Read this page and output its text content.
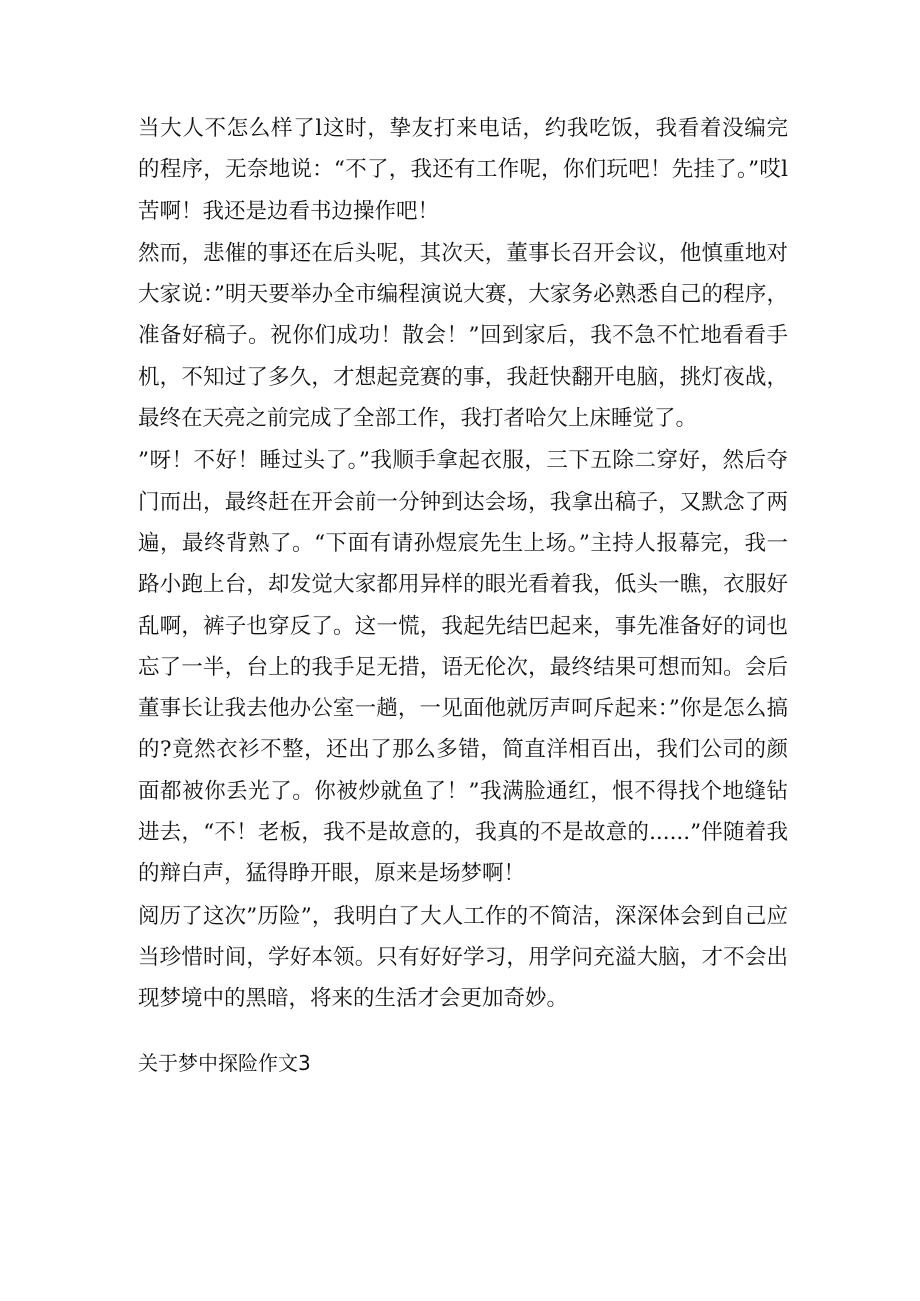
当大人不怎么样了l这时，挚友打来电话，约我吃饭，我看着没编完的程序，无奈地说：“不了，我还有工作呢，你们玩吧！先挂了。”哎l苦啊！我还是边看书边操作吧！

然而，悲催的事还在后头呢，其次天，董事长召开会议，他慎重地对大家说：”明天要举办全市编程演说大赛，大家务必熟悉自己的程序，准备好稿子。祝你们成功！散会！”回到家后，我不急不忙地看看手机，不知过了多久，才想起竞赛的事，我赶快翻开电脑，挑灯夜战，最终在天亮之前完成了全部工作，我打者哈欠上床睡觉了。

”呀！不好！睡过头了。”我顺手拿起衣服，三下五除二穿好，然后夺门而出，最终赶在开会前一分钟到达会场，我拿出稿子，又默念了两遍，最终背熟了。“下面有请孙煜宸先生上场。”主持人报幕完，我一路小跑上台，却发觉大家都用异样的眼光看着我，低头一瞧，衣服好乱啊，裤子也穿反了。这一慌，我起先结巴起来，事先准备好的词也忘了一半，台上的我手足无措，语无伦次，最终结果可想而知。会后董事长让我去他办公室一趟，一见面他就厉声呵斥起来：”你是怎么搞的?竟然衣衫不整，还出了那么多错，简直洋相百出，我们公司的颜面都被你丢光了。你被炒就鱼了！”我满脸通红，恨不得找个地缝钻进去，“不！老板，我不是故意的，我真的不是故意的......”伴随着我的辩白声，猛得睁开眼，原来是场梦啊！

阅历了这次”历险”，我明白了大人工作的不简洁，深深体会到自己应当珍惜时间，学好本领。只有好好学习，用学问充溢大脑，才不会出现梦境中的黑暗，将来的生活才会更加奇妙。

关于梦中探险作文3
